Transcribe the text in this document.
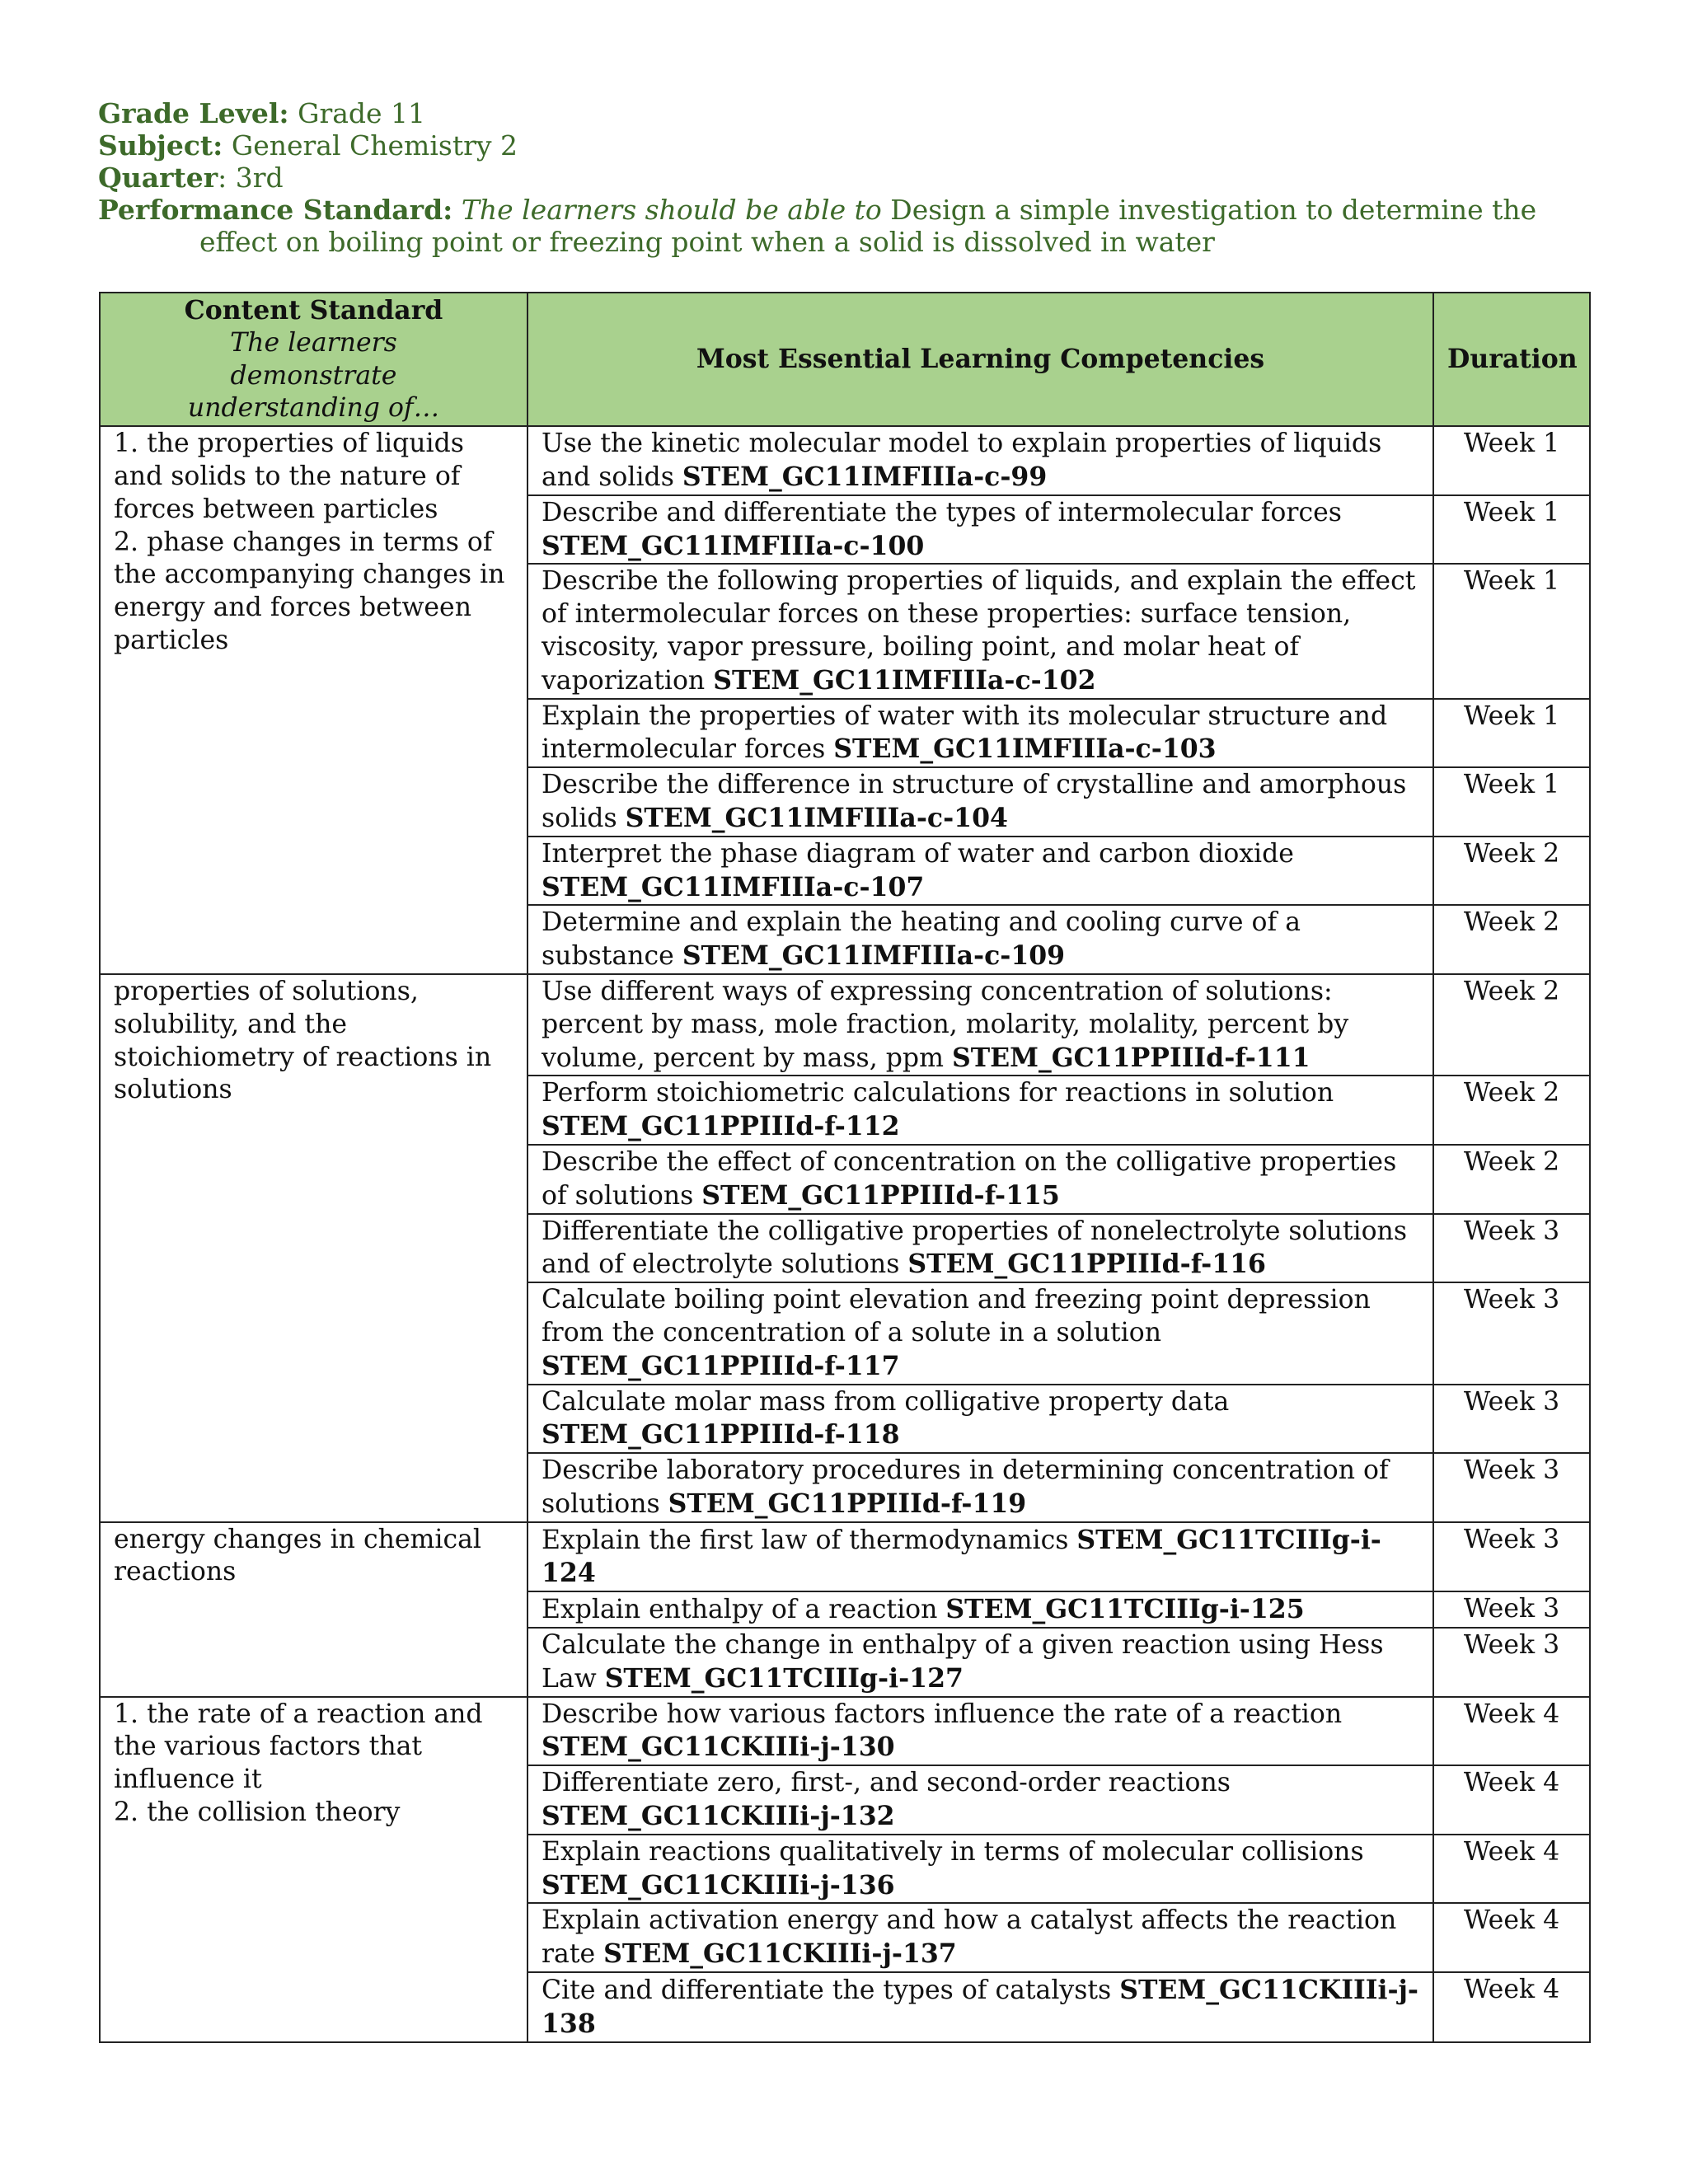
Grade Level: Grade 11
Subject: General Chemistry 2
Quarter: 3rd
Performance Standard: The learners should be able to Design a simple investigation to determine the effect on boiling point or freezing point when a solid is dissolved in water
Content Standard
The learners demonstrate understanding of…	Most Essential Learning Competencies	Duration

1. the properties of liquids and solids to the nature of forces between particles
2. phase changes in terms of the accompanying changes in energy and forces between particles	Use the kinetic molecular model to explain properties of liquids and solids STEM_GC11IMFIIIa-c-99	Week 1
	Describe and differentiate the types of intermolecular forces STEM_GC11IMFIIIa-c-100	Week 1
	Describe the following properties of liquids, and explain the effect of intermolecular forces on these properties: surface tension, viscosity, vapor pressure, boiling point, and molar heat of vaporization STEM_GC11IMFIIIa-c-102	Week 1
	Explain the properties of water with its molecular structure and intermolecular forces STEM_GC11IMFIIIa-c-103	Week 1
	Describe the difference in structure of crystalline and amorphous solids STEM_GC11IMFIIIa-c-104	Week 1
	Interpret the phase diagram of water and carbon dioxide STEM_GC11IMFIIIa-c-107	Week 2
	Determine and explain the heating and cooling curve of a substance STEM_GC11IMFIIIa-c-109	Week 2

properties of solutions, solubility, and the stoichiometry of reactions in solutions	Use different ways of expressing concentration of solutions: percent by mass, mole fraction, molarity, molality, percent by volume, percent by mass, ppm STEM_GC11PPIIId-f-111	Week 2
	Perform stoichiometric calculations for reactions in solution STEM_GC11PPIIId-f-112	Week 2
	Describe the effect of concentration on the colligative properties of solutions STEM_GC11PPIIId-f-115	Week 2
	Differentiate the colligative properties of nonelectrolyte solutions and of electrolyte solutions STEM_GC11PPIIId-f-116	Week 3
	Calculate boiling point elevation and freezing point depression from the concentration of a solute in a solution STEM_GC11PPIIId-f-117	Week 3
	Calculate molar mass from colligative property data STEM_GC11PPIIId-f-118	Week 3
	Describe laboratory procedures in determining concentration of solutions STEM_GC11PPIIId-f-119	Week 3

energy changes in chemical reactions	Explain the first law of thermodynamics STEM_GC11TCIIIg-i-124	Week 3
	Explain enthalpy of a reaction STEM_GC11TCIIIg-i-125	Week 3
	Calculate the change in enthalpy of a given reaction using Hess Law STEM_GC11TCIIIg-i-127	Week 3

1. the rate of a reaction and the various factors that influence it
2. the collision theory	Describe how various factors influence the rate of a reaction STEM_GC11CKIIIi-j-130	Week 4
	Differentiate zero, first-, and second-order reactions STEM_GC11CKIIIi-j-132	Week 4
	Explain reactions qualitatively in terms of molecular collisions STEM_GC11CKIIIi-j-136	Week 4
	Explain activation energy and how a catalyst affects the reaction rate STEM_GC11CKIIIi-j-137	Week 4
	Cite and differentiate the types of catalysts STEM_GC11CKIIIi-j-138	Week 4
